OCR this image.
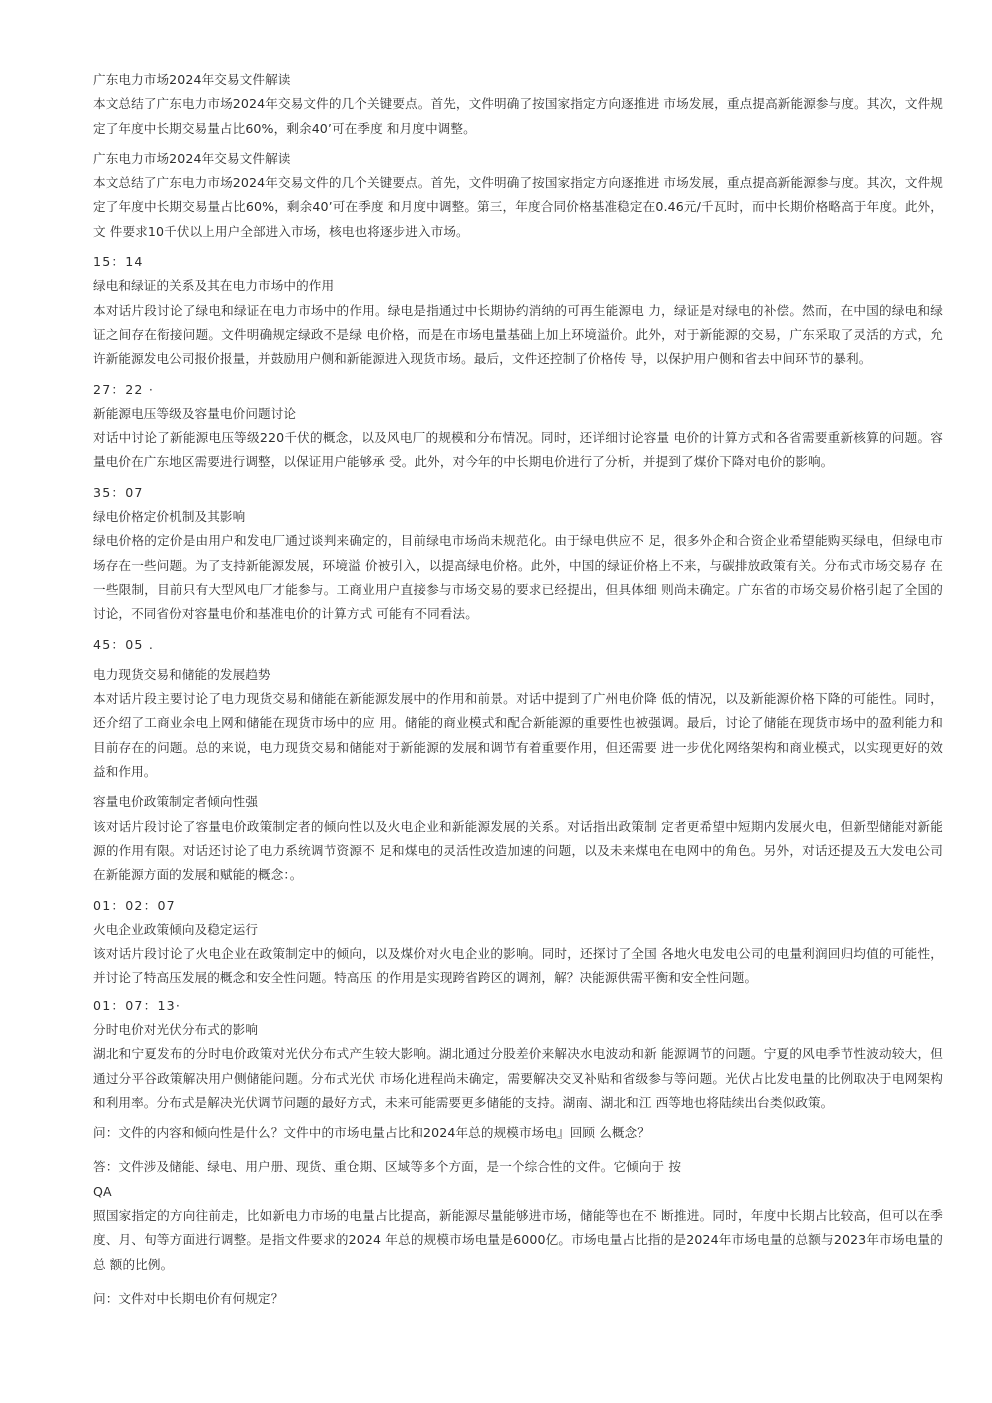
广东电力市场2024年交易文件解读

本文总结了广东电力市场2024年交易文件的几个关键要点。首先，文件明确了按国家指定方向逐推进 市场发展，重点提高新能源参与度。其次，文件规定了年度中长期交易量占比60%，剩余40’可在季度 和月度中调整。

广东电力市场2024年交易文件解读

本文总结了广东电力市场2024年交易文件的几个关键要点。首先，文件明确了按国家指定方向逐推进 市场发展，重点提高新能源参与度。其次，文件规定了年度中长期交易量占比60%，剩余40’可在季度 和月度中调整。第三，年度合同价格基准稳定在0.46元/千瓦时，而中长期价格略高于年度。此外，文 件要求10千伏以上用户全部进入市场，核电也将逐步进入市场。

15：14

绿电和绿证的关系及其在电力市场中的作用

本对话片段讨论了绿电和绿证在电力市场中的作用。绿电是指通过中长期协约消纳的可再生能源电 力，绿证是对绿电的补偿。然而，在中国的绿电和绿证之间存在衔接问题。文件明确规定绿政不是绿 电价格，而是在市场电量基础上加上环境溢价。此外，对于新能源的交易，广东采取了灵活的方式，允许新能源发电公司报价报量，并鼓励用户侧和新能源进入现货市场。最后，文件还控制了价格传 导，以保护用户侧和省去中间环节的暴利。

27：22 ·

新能源电压等级及容量电价问题讨论

对话中讨论了新能源电压等级220千伏的概念，以及风电厂的规模和分布情况。同时，还详细讨论容量 电价的计算方式和各省需要重新核算的问题。容量电价在广东地区需要进行调整，以保证用户能够承 受。此外，对今年的中长期电价进行了分析，并提到了煤价下降对电价的影响。

35：07

绿电价格定价机制及其影响

绿电价格的定价是由用户和发电厂通过谈判来确定的，目前绿电市场尚未规范化。由于绿电供应不 足，很多外企和合资企业希望能购买绿电，但绿电市场存在一些问题。为了支持新能源发展，环境溢 价被引入，以提高绿电价格。此外，中国的绿证价格上不来，与碳排放政策有关。分布式市场交易存 在一些限制，目前只有大型风电厂才能参与。工商业用户直接参与市场交易的要求已经提出，但具体细 则尚未确定。广东省的市场交易价格引起了全国的讨论，不同省份对容量电价和基准电价的计算方式 可能有不同看法。

45：05 .

电力现货交易和储能的发展趋势

本对话片段主要讨论了电力现货交易和储能在新能源发展中的作用和前景。对话中提到了广州电价降 低的情况，以及新能源价格下降的可能性。同时，还介绍了工商业余电上网和储能在现货市场中的应 用。储能的商业模式和配合新能源的重要性也被强调。最后，讨论了储能在现货市场中的盈利能力和 目前存在的问题。总的来说，电力现货交易和储能对于新能源的发展和调节有着重要作用，但还需要 进一步优化网络架构和商业模式，以实现更好的效益和作用。

容量电价政策制定者倾向性强

该对话片段讨论了容量电价政策制定者的倾向性以及火电企业和新能源发展的关系。对话指出政策制 定者更希望中短期内发展火电，但新型储能对新能源的作用有限。对话还讨论了电力系统调节资源不 足和煤电的灵活性改造加速的问题，以及未来煤电在电网中的角色。另外，对话还提及五大发电公司 在新能源方面的发展和赋能的概念：。

01：02：07

火电企业政策倾向及稳定运行

该对话片段讨论了火电企业在政策制定中的倾向，以及煤价对火电企业的影响。同时，还探讨了全国 各地火电发电公司的电量利润回归均值的可能性，并讨论了特高压发展的概念和安全性问题。特高压 的作用是实现跨省跨区的调剂，解？决能源供需平衡和安全性问题。

01：07：13·

分时电价对光伏分布式的影响

湖北和宁夏发布的分时电价政策对光伏分布式产生较大影响。湖北通过分股差价来解决水电波动和新 能源调节的问题。宁夏的风电季节性波动较大，但通过分平谷政策解决用户侧储能问题。分布式光伏 市场化进程尚未确定，需要解决交叉补贴和省级参与等问题。光伏占比发电量的比例取决于电网架构 和利用率。分布式是解决光伏调节问题的最好方式，未来可能需要更多储能的支持。湖南、湖北和江 西等地也将陆续出台类似政策。

问：文件的内容和倾向性是什么？文件中的市场电量占比和2024年总的规模市场电』回顾 么概念？

答：文件涉及储能、绿电、用户册、现货、重仓期、区域等多个方面，是一个综合性的文件。它倾向于 按

QA

照国家指定的方向往前走，比如新电力市场的电量占比提高，新能源尽量能够进市场，储能等也在不 断推进。同时，年度中长期占比较高，但可以在季度、月、旬等方面进行调整。是指文件要求的2024 年总的规模市场电量是6000亿。市场电量占比指的是2024年市场电量的总额与2023年市场电量的总 额的比例。

问：文件对中长期电价有何规定？
